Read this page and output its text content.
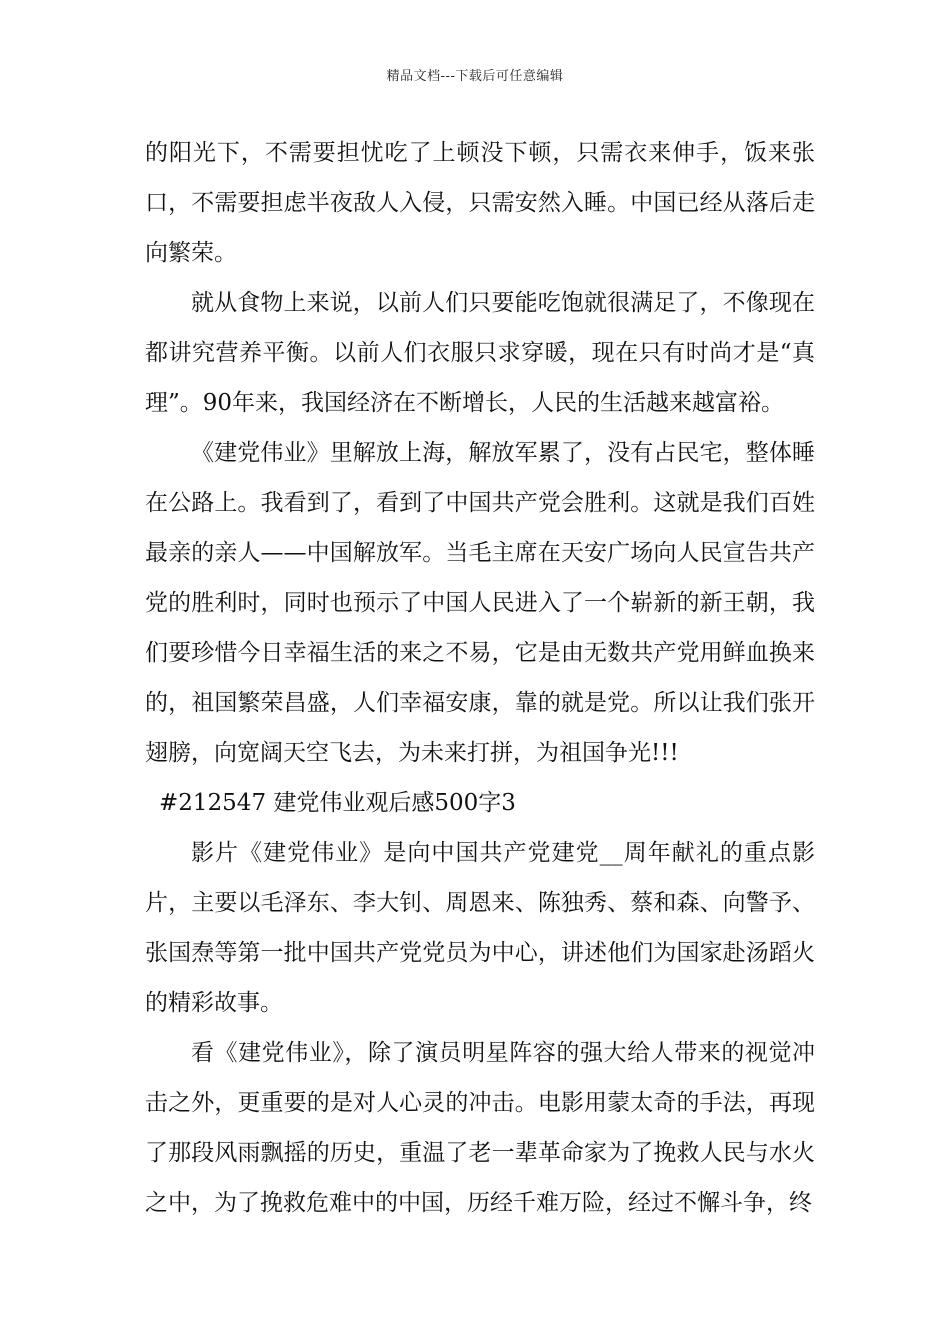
精品文档---下载后可任意编辑

的阳光下，不需要担忧吃了上顿没下顿，只需衣来伸手，饭来张口，不需要担虑半夜敌人入侵，只需安然入睡。中国已经从落后走向繁荣。

就从食物上来说，以前人们只要能吃饱就很满足了，不像现在都讲究营养平衡。以前人们衣服只求穿暖，现在只有时尚才是“真理”。90年来，我国经济在不断增长，人民的生活越来越富裕。

《建党伟业》里解放上海，解放军累了，没有占民宅，整体睡在公路上。我看到了，看到了中国共产党会胜利。这就是我们百姓最亲的亲人——中国解放军。当毛主席在天安广场向人民宣告共产党的胜利时，同时也预示了中国人民进入了一个崭新的新王朝，我们要珍惜今日幸福生活的来之不易，它是由无数共产党用鲜血换来的，祖国繁荣昌盛，人们幸福安康，靠的就是党。所以让我们张开翅膀，向宽阔天空飞去，为未来打拼，为祖国争光!!!

#212547 建党伟业观后感500字3

影片《建党伟业》是向中国共产党建党__周年献礼的重点影片，主要以毛泽东、李大钊、周恩来、陈独秀、蔡和森、向警予、张国焘等第一批中国共产党党员为中心，讲述他们为国家赴汤蹈火的精彩故事。

看《建党伟业》，除了演员明星阵容的强大给人带来的视觉冲击之外，更重要的是对人心灵的冲击。电影用蒙太奇的手法，再现了那段风雨飘摇的历史，重温了老一辈革命家为了挽救人民与水火之中，为了挽救危难中的中国，历经千难万险，经过不懈斗争，终
